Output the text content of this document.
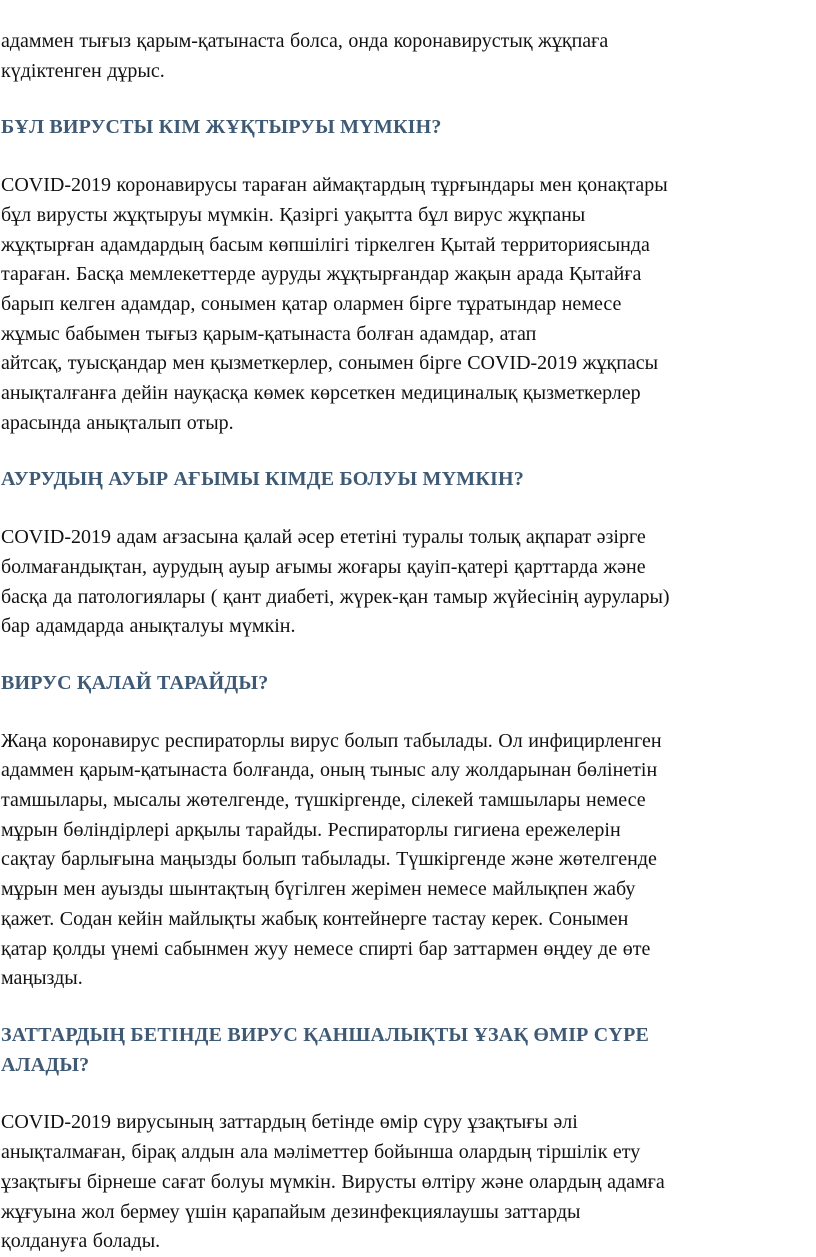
адаммен тығыз қарым-қатынаста болса, онда коронавирустық жұқпаға
күдіктенген дұрыс.

БҰЛ ВИРУСТЫ КІМ ЖҰҚТЫРУЫ МҮМКІН?

COVID-2019 коронавирусы тараған аймақтардың тұрғындары мен қонақтары
бұл вирусты жұқтыруы мүмкін. Қазіргі уақытта бұл вирус жұқпаны
жұқтырған адамдардың басым көпшілігі тіркелген Қытай территориясында
тараған. Басқа мемлекеттерде ауруды жұқтырғандар жақын арада Қытайға
барып келген адамдар, сонымен қатар олармен бірге тұратындар немесе
жұмыс бабымен тығыз қарым-қатынаста болған адамдар, атап
айтсақ, туысқандар мен қызметкерлер, сонымен бірге COVID-2019 жұқпасы
анықталғанға дейін науқасқа көмек көрсеткен медициналық қызметкерлер
арасында анықталып отыр.

АУРУДЫҢ АУЫР АҒЫМЫ КІМДЕ БОЛУЫ МҮМКІН?

COVID-2019 адам ағзасына қалай әсер ететіні туралы толық ақпарат әзірге
болмағандықтан, аурудың ауыр ағымы жоғары қауіп-қатері қарттарда және
басқа да патологиялары ( қант диабеті, жүрек-қан тамыр жүйесінің аурулары)
бар адамдарда анықталуы мүмкін.

ВИРУС ҚАЛАЙ ТАРАЙДЫ?

Жаңа коронавирус респираторлы вирус болып табылады. Ол инфицирленген
адаммен қарым-қатынаста болғанда, оның тыныс алу жолдарынан бөлінетін
тамшылары, мысалы жөтелгенде, түшкіргенде, сілекей тамшылары немесе
мұрын бөліндірлері арқылы тарайды. Респираторлы гигиена ережелерін
сақтау барлығына маңызды болып табылады. Түшкіргенде және жөтелгенде
мұрын мен ауызды шынтақтың бүгілген жерімен немесе майлықпен жабу
қажет. Содан кейін майлықты жабық контейнерге тастау керек. Сонымен
қатар қолды үнемі сабынмен жуу немесе спирті бар заттармен өңдеу де өте
маңызды.

ЗАТТАРДЫҢ БЕТІНДЕ ВИРУС ҚАНШАЛЫҚТЫ ҰЗАҚ ӨМІР СҮРЕ
АЛАДЫ?

COVID-2019 вирусының заттардың бетінде өмір сүру ұзақтығы әлі
анықталмаған, бірақ алдын ала мәліметтер бойынша олардың тіршілік ету
ұзақтығы бірнеше сағат болуы мүмкін. Вирусты өлтіру және олардың адамға
жұғуына жол бермеу үшін қарапайым дезинфекциялаушы заттарды
қолдануға болады.
